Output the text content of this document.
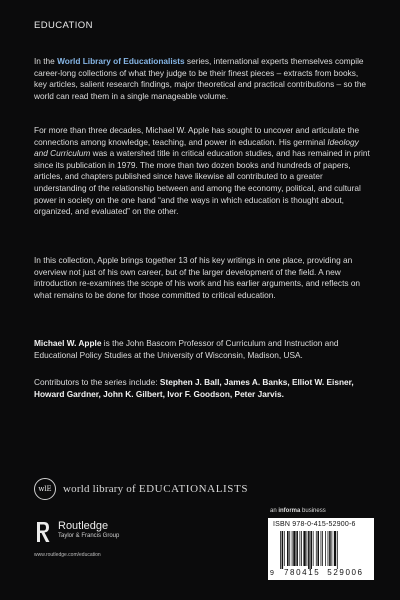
EDUCATION

In the World Library of Educationalists series, international experts themselves compile career-long collections of what they judge to be their finest pieces – extracts from books, key articles, salient research findings, major theoretical and practical contributions – so the world can read them in a single manageable volume.

For more than three decades, Michael W. Apple has sought to uncover and articulate the connections among knowledge, teaching, and power in education. His germinal Ideology and Curriculum was a watershed title in critical education studies, and has remained in print since its publication in 1979. The more than two dozen books and hundreds of papers, articles, and chapters published since have likewise all contributed to a greater understanding of the relationship between and among the economy, political, and cultural power in society on the one hand “and the ways in which education is thought about, organized, and evaluated” on the other.

In this collection, Apple brings together 13 of his key writings in one place, providing an overview not just of his own career, but of the larger development of the field. A new introduction re-examines the scope of his work and his earlier arguments, and reflects on what remains to be done for those committed to critical education.

Michael W. Apple is the John Bascom Professor of Curriculum and Instruction and Educational Policy Studies at the University of Wisconsin, Madison, USA.

Contributors to the series include: Stephen J. Ball, James A. Banks, Elliot W. Eisner, Howard Gardner, John K. Gilbert, Ivor F. Goodson, Peter Jarvis.

wlE	world library of EDUCATIONALISTS
Routledge
Taylor & Francis Group
www.routledge.com/education
an informa business
ISBN 978-0-415-52900-6
9	780415 529006
